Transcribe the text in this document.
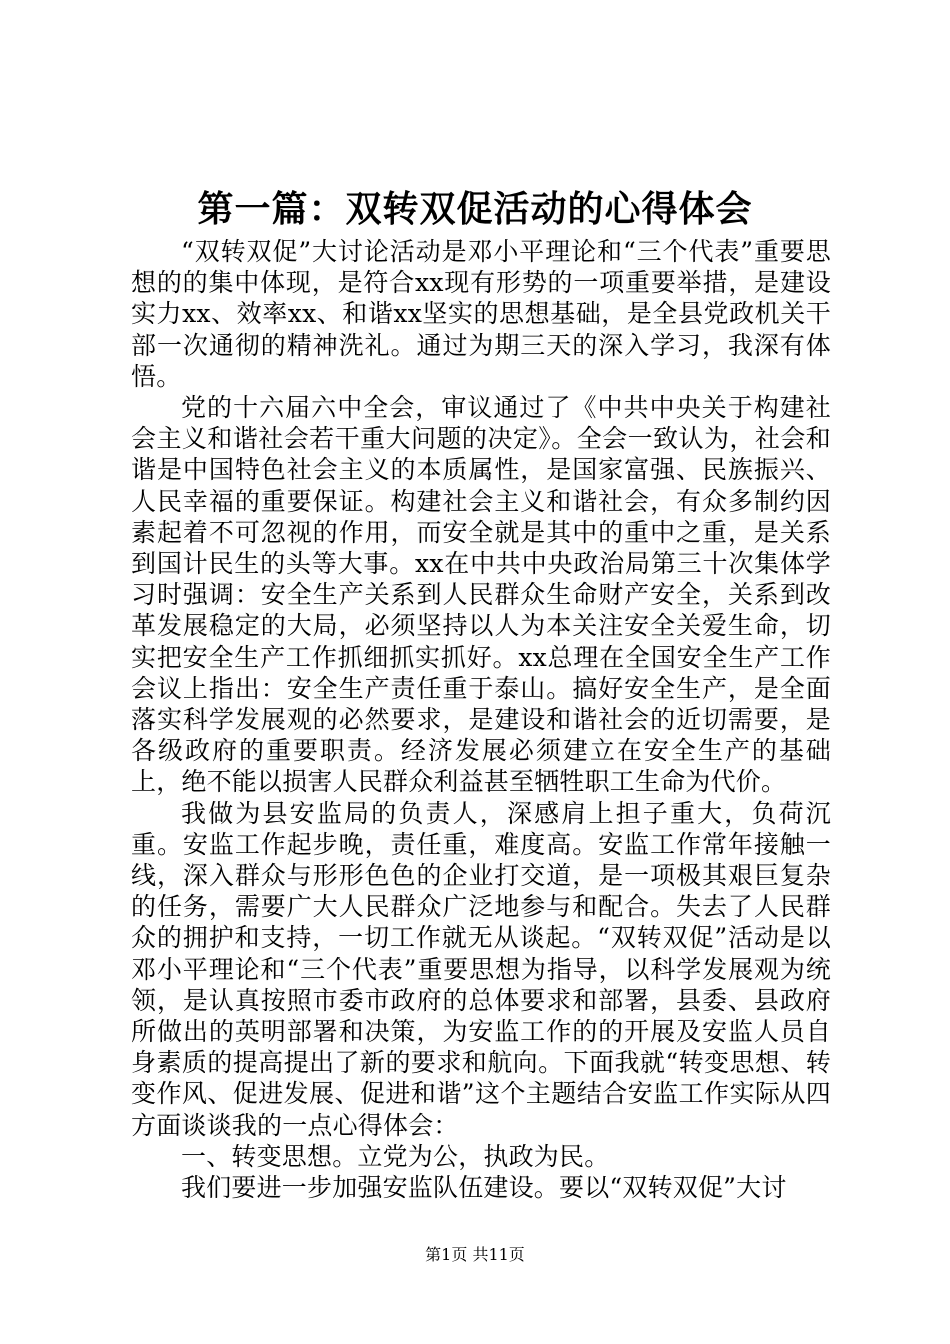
第一篇：双转双促活动的心得体会

“双转双促”大讨论活动是邓小平理论和“三个代表”重要思想的的集中体现，是符合xx现有形势的一项重要举措，是建设实力xx、效率xx、和谐xx坚实的思想基础，是全县党政机关干部一次通彻的精神洗礼。通过为期三天的深入学习，我深有体悟。

党的十六届六中全会，审议通过了《中共中央关于构建社会主义和谐社会若干重大问题的决定》。全会一致认为，社会和谐是中国特色社会主义的本质属性，是国家富强、民族振兴、人民幸福的重要保证。构建社会主义和谐社会，有众多制约因素起着不可忽视的作用，而安全就是其中的重中之重，是关系到国计民生的头等大事。xx在中共中央政治局第三十次集体学习时强调：安全生产关系到人民群众生命财产安全，关系到改革发展稳定的大局，必须坚持以人为本关注安全关爱生命，切实把安全生产工作抓细抓实抓好。xx总理在全国安全生产工作会议上指出：安全生产责任重于泰山。搞好安全生产，是全面落实科学发展观的必然要求，是建设和谐社会的近切需要，是各级政府的重要职责。经济发展必须建立在安全生产的基础上，绝不能以损害人民群众利益甚至牺牲职工生命为代价。

我做为县安监局的负责人，深感肩上担子重大，负荷沉重。安监工作起步晚，责任重，难度高。安监工作常年接触一线，深入群众与形形色色的企业打交道，是一项极其艰巨复杂的任务，需要广大人民群众广泛地参与和配合。失去了人民群众的拥护和支持，一切工作就无从谈起。“双转双促”活动是以邓小平理论和“三个代表”重要思想为指导，以科学发展观为统领，是认真按照市委市政府的总体要求和部署，县委、县政府所做出的英明部署和决策，为安监工作的的开展及安监人员自身素质的提高提出了新的要求和航向。下面我就“转变思想、转变作风、促进发展、促进和谐”这个主题结合安监工作实际从四方面谈谈我的一点心得体会：

一、转变思想。立党为公，执政为民。

我们要进一步加强安监队伍建设。要以“双转双促”大讨

第1页 共11页
